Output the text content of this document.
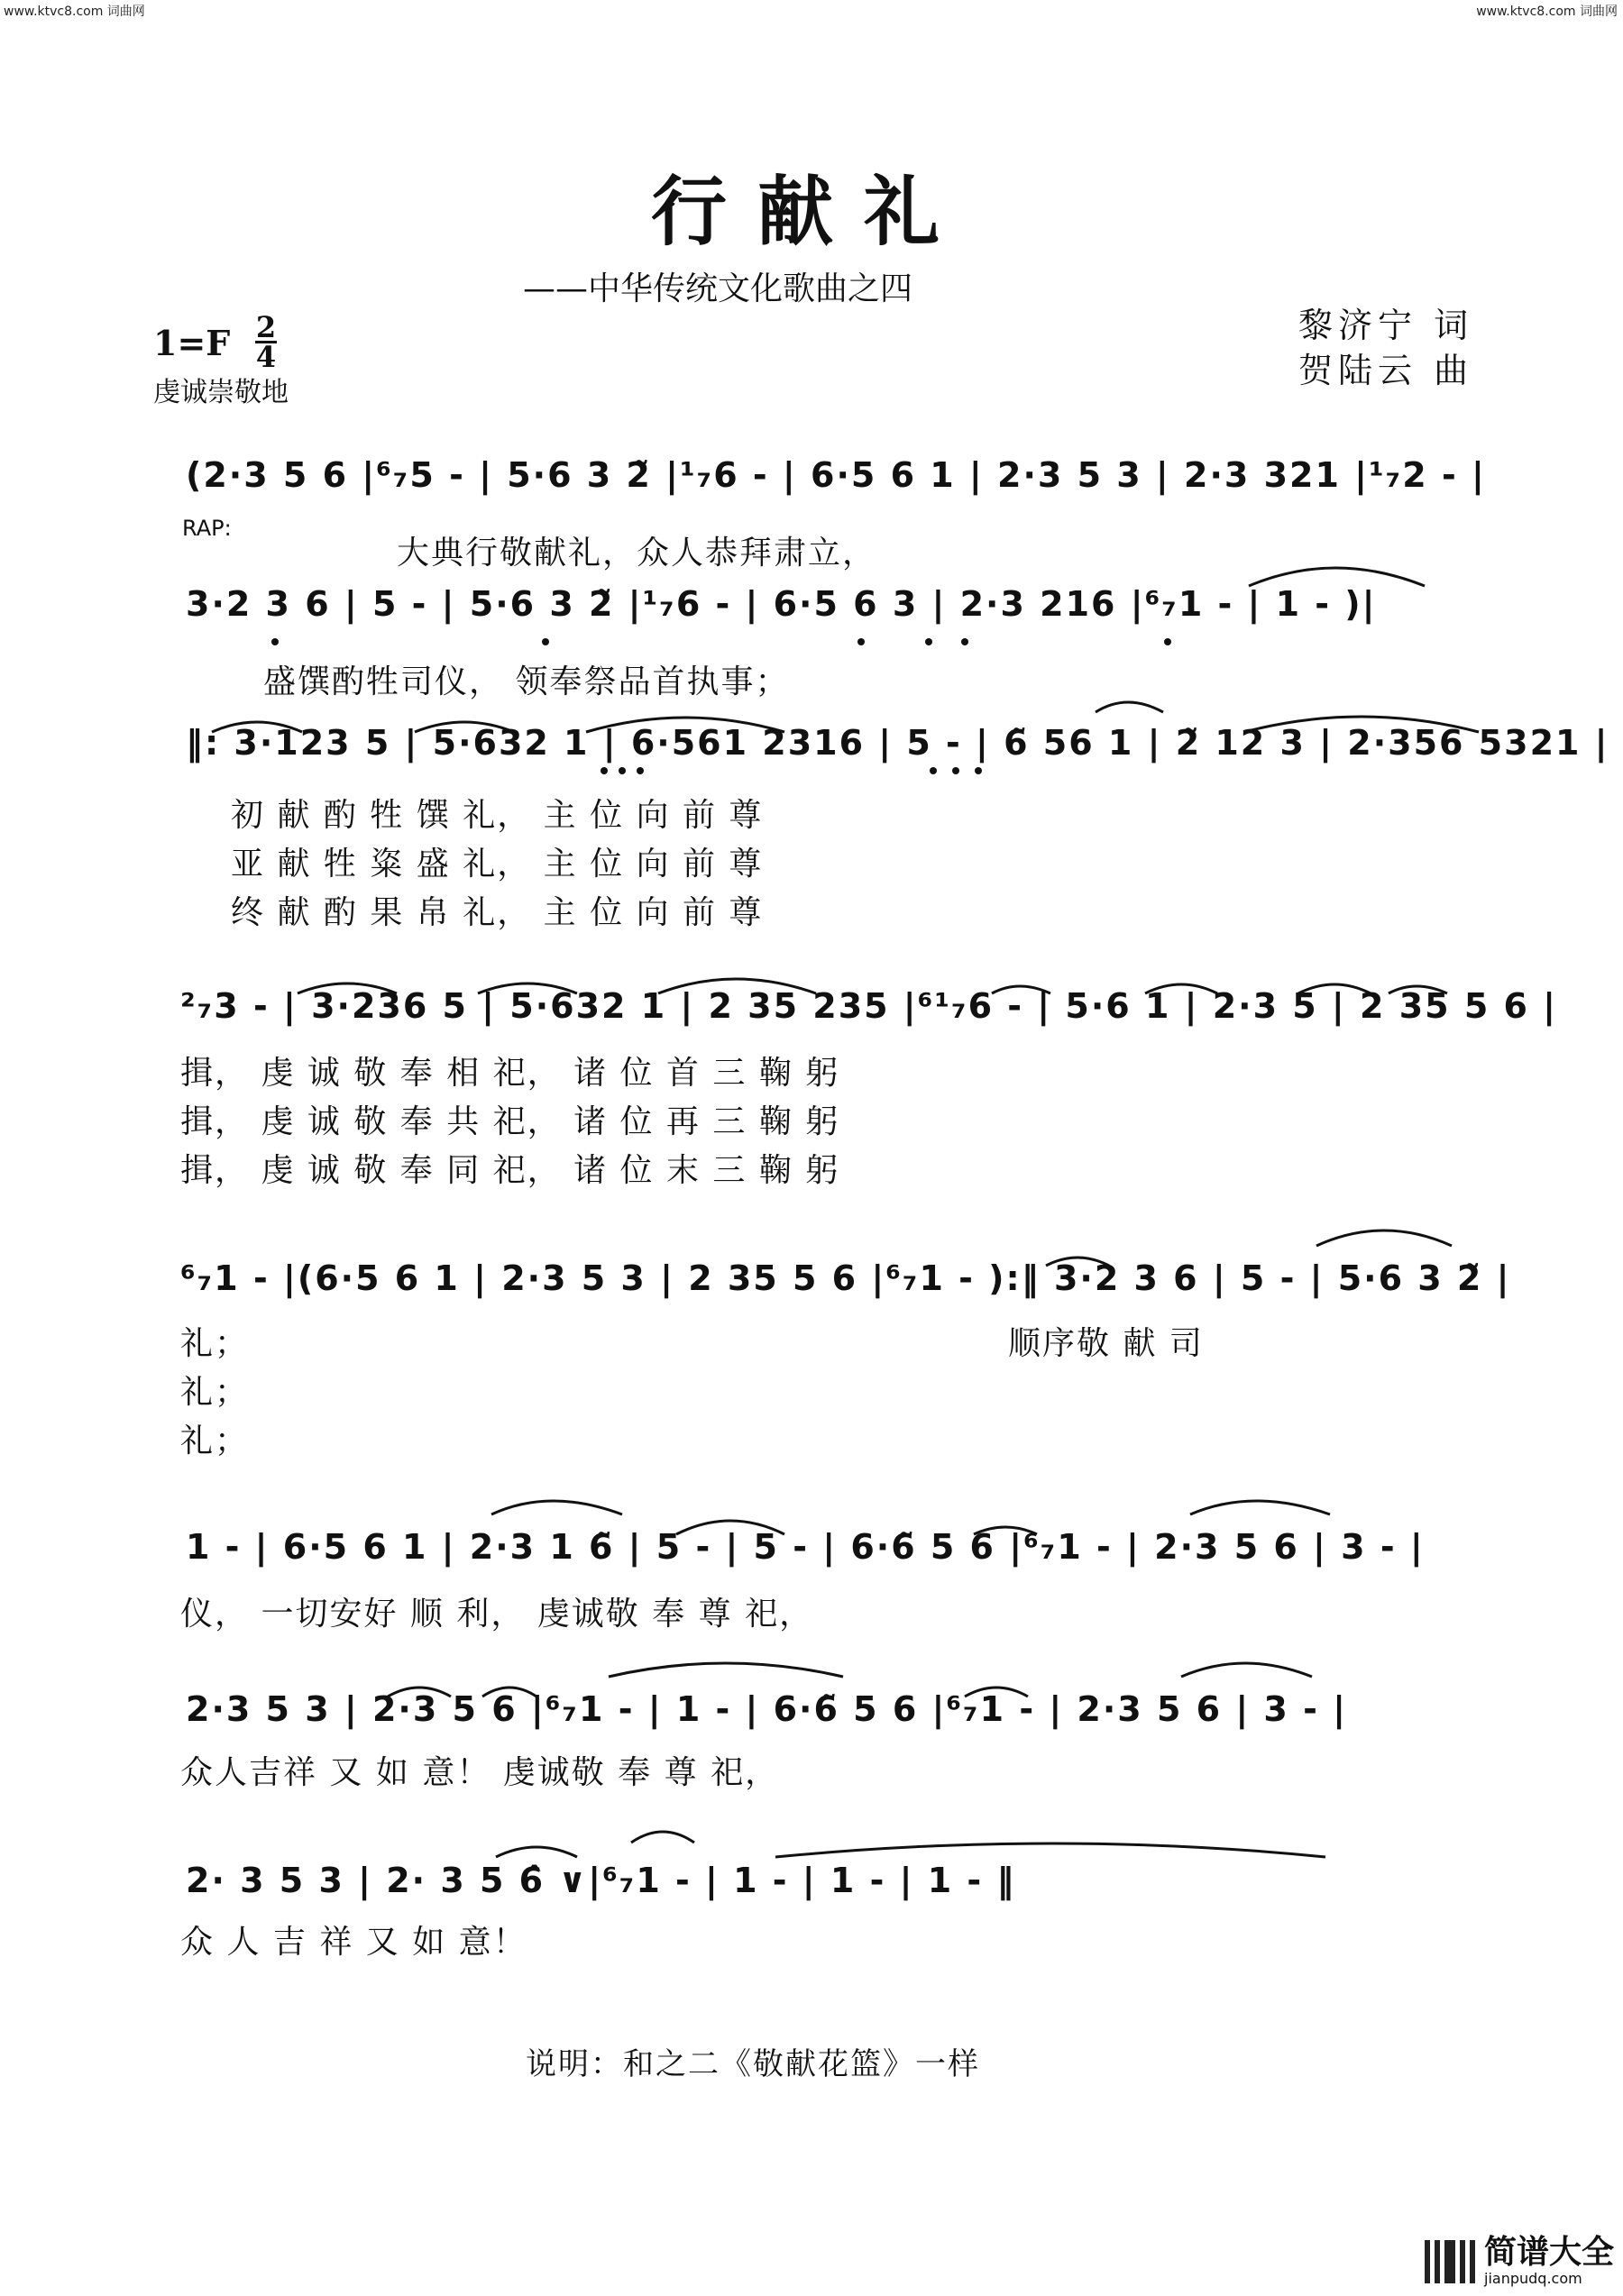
www.ktvc8.com 词曲网	www.ktvc8.com 词曲网
行献礼
——中华传统文化歌曲之四
黎济宁 词
贺陆云 曲
1=F 2
4
虔诚崇敬地
RAP:
(2·3 5 6 |⁶₇5 - | 5·6 3 2̃ |¹₇6 - | 6·5 6 1 | 2·3 5 3 | 2·3 321 |¹₇2 - |
大典行敬献礼，众人恭拜肃立，
3·2 3 6 | 5 - | 5·6 3 2̃ |¹₇6 - | 6·5 6 3 | 2·3 216 |⁶₇1 - | 1 - )|
盛馔酌牲司仪， 领奉祭品首执事；
‖: 3·123 5 | 5·632 1 | 6·561 2316 | 5 - | 6̃ 56 1 | 2̃ 12 3 | 2·356 5321 |
初 献 酌 牲 馔 礼， 主 位 向 前 尊
亚 献 牲 粢 盛 礼， 主 位 向 前 尊
终 献 酌 果 帛 礼， 主 位 向 前 尊
²₇3 - | 3·236 5 | 5·632 1 | 2 35 235 |⁶¹₇6 - | 5·6 1 | 2·3 5 | 2 35 5 6 |
揖， 虔 诚 敬 奉 相 祀， 诸 位 首 三 鞠 躬
揖， 虔 诚 敬 奉 共 祀， 诸 位 再 三 鞠 躬
揖， 虔 诚 敬 奉 同 祀， 诸 位 末 三 鞠 躬
⁶₇1 - |(6·5 6 1 | 2·3 5 3 | 2 35 5 6 |⁶₇1 - ):‖ 3·2 3 6 | 5 - | 5·6 3 2̃ |
礼；
礼；
礼；
顺序敬 献 司
1 - | 6·5 6 1 | 2·3 1 6̃ | 5 - | 5 - | 6·6̃ 5 6 |⁶₇1 - | 2·3 5 6 | 3 - |
仪， 一切安好 顺 利， 虔诚敬 奉 尊 祀，
2·3 5 3 | 2·3 5 6 |⁶₇1 - | 1 - | 6·6̃ 5 6 |⁶₇1 - | 2·3 5 6 | 3 - |
众人吉祥 又 如 意！ 虔诚敬 奉 尊 祀，
2· 3 5 3 | 2· 3 5 6̂ ∨|⁶₇1 - | 1 - | 1 - | 1 - ‖
众 人 吉 祥 又 如 意！
说明：和之二《敬献花篮》一样
简谱大全
jianpudq.com
